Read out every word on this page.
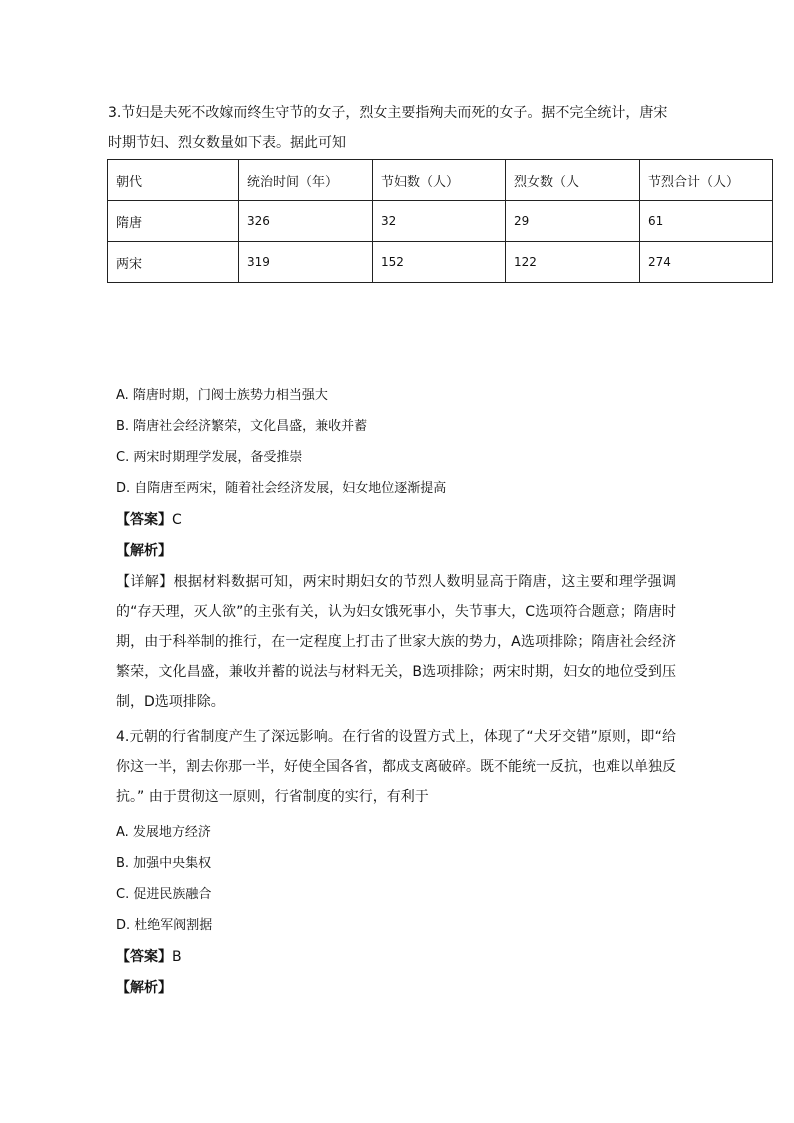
3.节妇是夫死不改嫁而终生守节的女子，烈女主要指殉夫而死的女子。据不完全统计，唐宋
时期节妇、烈女数量如下表。据此可知
朝代	统治时间（年）	节妇数（人）	烈女数（人	节烈合计（人）
隋唐	326	32	29	61
两宋	319	152	122	274
A. 隋唐时期，门阀士族势力相当强大
B. 隋唐社会经济繁荣，文化昌盛，兼收并蓄
C. 两宋时期理学发展，备受推崇
D. 自隋唐至两宋，随着社会经济发展，妇女地位逐渐提高
【答案】C
【解析】
【详解】根据材料数据可知，两宋时期妇女的节烈人数明显高于隋唐，这主要和理学强调的“存天理，灭人欲”的主张有关，认为妇女饿死事小，失节事大，C选项符合题意；隋唐时期，由于科举制的推行，在一定程度上打击了世家大族的势力，A选项排除；隋唐社会经济繁荣，文化昌盛，兼收并蓄的说法与材料无关，B选项排除；两宋时期，妇女的地位受到压制，D选项排除。
4.元朝的行省制度产生了深远影响。在行省的设置方式上，体现了“犬牙交错”原则，即“给你这一半，割去你那一半，好使全国各省，都成支离破碎。既不能统一反抗，也难以单独反抗。” 由于贯彻这一原则，行省制度的实行，有利于
A. 发展地方经济
B. 加强中央集权
C. 促进民族融合
D. 杜绝军阀割据
【答案】B
【解析】
